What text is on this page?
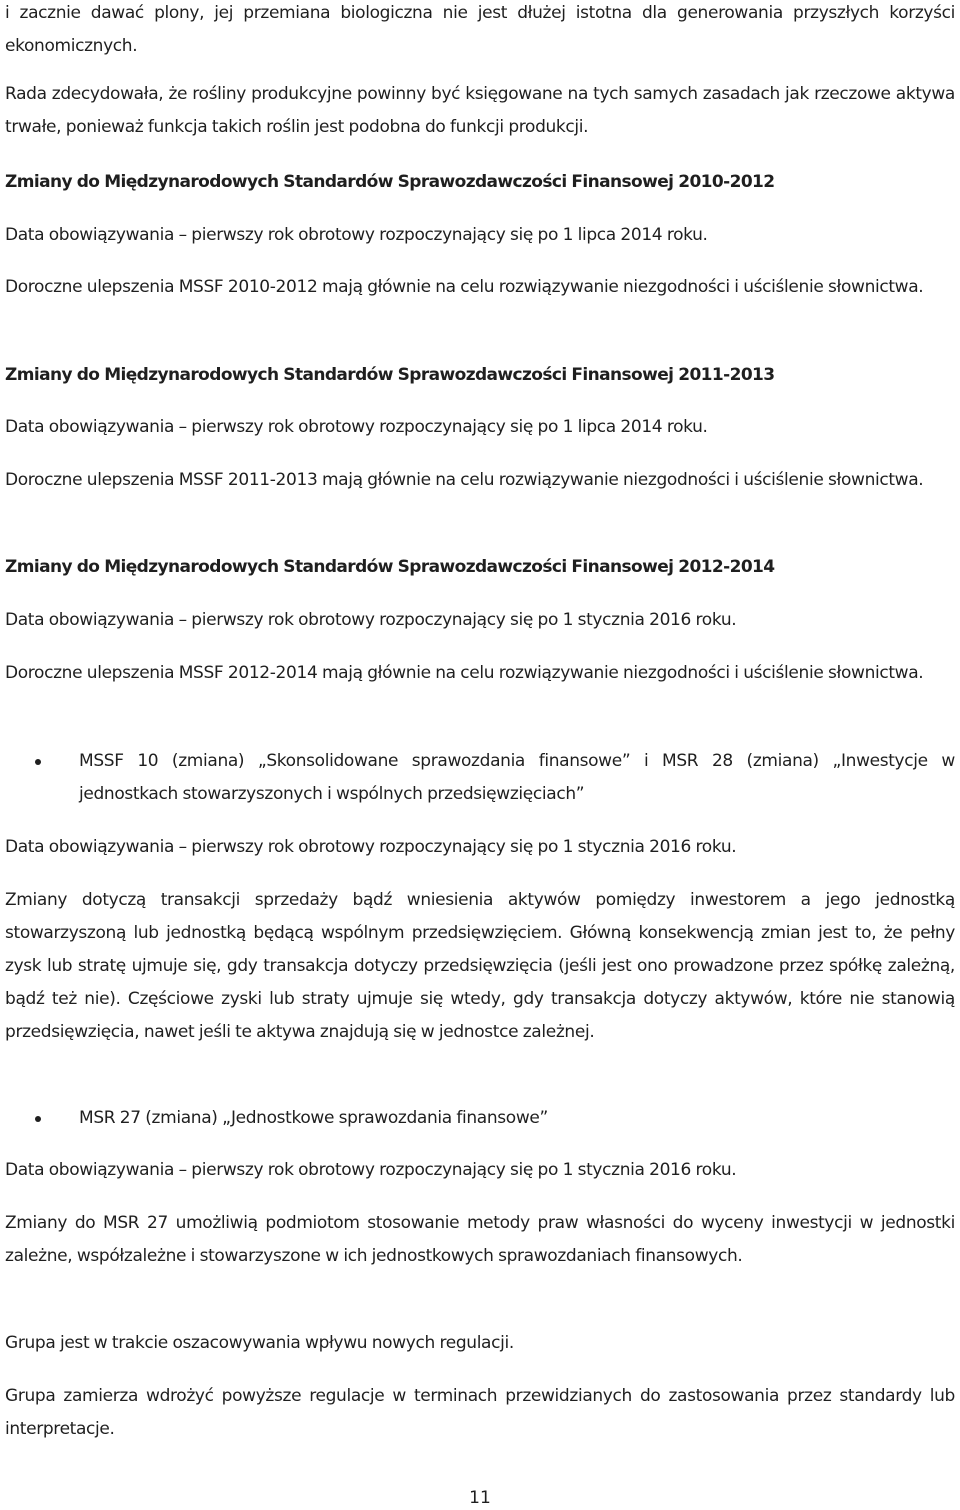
i zacznie dawać plony, jej przemiana biologiczna nie jest dłużej istotna dla generowania przyszłych korzyści ekonomicznych.
Rada zdecydowała, że rośliny produkcyjne powinny być księgowane na tych samych zasadach jak rzeczowe aktywa trwałe, ponieważ funkcja takich roślin jest podobna do funkcji produkcji.
Zmiany do Międzynarodowych Standardów Sprawozdawczości Finansowej 2010-2012
Data obowiązywania – pierwszy rok obrotowy rozpoczynający się po 1 lipca 2014 roku.
Doroczne ulepszenia MSSF 2010-2012 mają głównie na celu rozwiązywanie niezgodności i uściślenie słownictwa.
Zmiany do Międzynarodowych Standardów Sprawozdawczości Finansowej 2011-2013
Data obowiązywania – pierwszy rok obrotowy rozpoczynający się po 1 lipca 2014 roku.
Doroczne ulepszenia MSSF 2011-2013 mają głównie na celu rozwiązywanie niezgodności i uściślenie słownictwa.
Zmiany do Międzynarodowych Standardów Sprawozdawczości Finansowej 2012-2014
Data obowiązywania – pierwszy rok obrotowy rozpoczynający się po 1 stycznia 2016 roku.
Doroczne ulepszenia MSSF 2012-2014 mają głównie na celu rozwiązywanie niezgodności i uściślenie słownictwa.
MSSF 10 (zmiana) „Skonsolidowane sprawozdania finansowe” i MSR 28 (zmiana) „Inwestycje w jednostkach stowarzyszonych i wspólnych przedsięwzięciach”
Data obowiązywania – pierwszy rok obrotowy rozpoczynający się po 1 stycznia 2016 roku.
Zmiany dotyczą transakcji sprzedaży bądź wniesienia aktywów pomiędzy inwestorem a jego jednostką stowarzyszoną lub jednostką będącą wspólnym przedsięwzięciem. Główną konsekwencją zmian jest to, że pełny zysk lub stratę ujmuje się, gdy transakcja dotyczy przedsięwzięcia (jeśli jest ono prowadzone przez spółkę zależną, bądź też nie). Częściowe zyski lub straty ujmuje się wtedy, gdy transakcja dotyczy aktywów, które nie stanowią przedsięwzięcia, nawet jeśli te aktywa znajdują się w jednostce zależnej.
MSR 27 (zmiana) „Jednostkowe sprawozdania finansowe”
Data obowiązywania – pierwszy rok obrotowy rozpoczynający się po 1 stycznia 2016 roku.
Zmiany do MSR 27 umożliwią podmiotom stosowanie metody praw własności do wyceny inwestycji w jednostki zależne, współzależne i stowarzyszone w ich jednostkowych sprawozdaniach finansowych.
Grupa jest w trakcie oszacowywania wpływu nowych regulacji.
Grupa zamierza wdrożyć powyższe regulacje w terminach przewidzianych do zastosowania przez standardy lub interpretacje.
11
